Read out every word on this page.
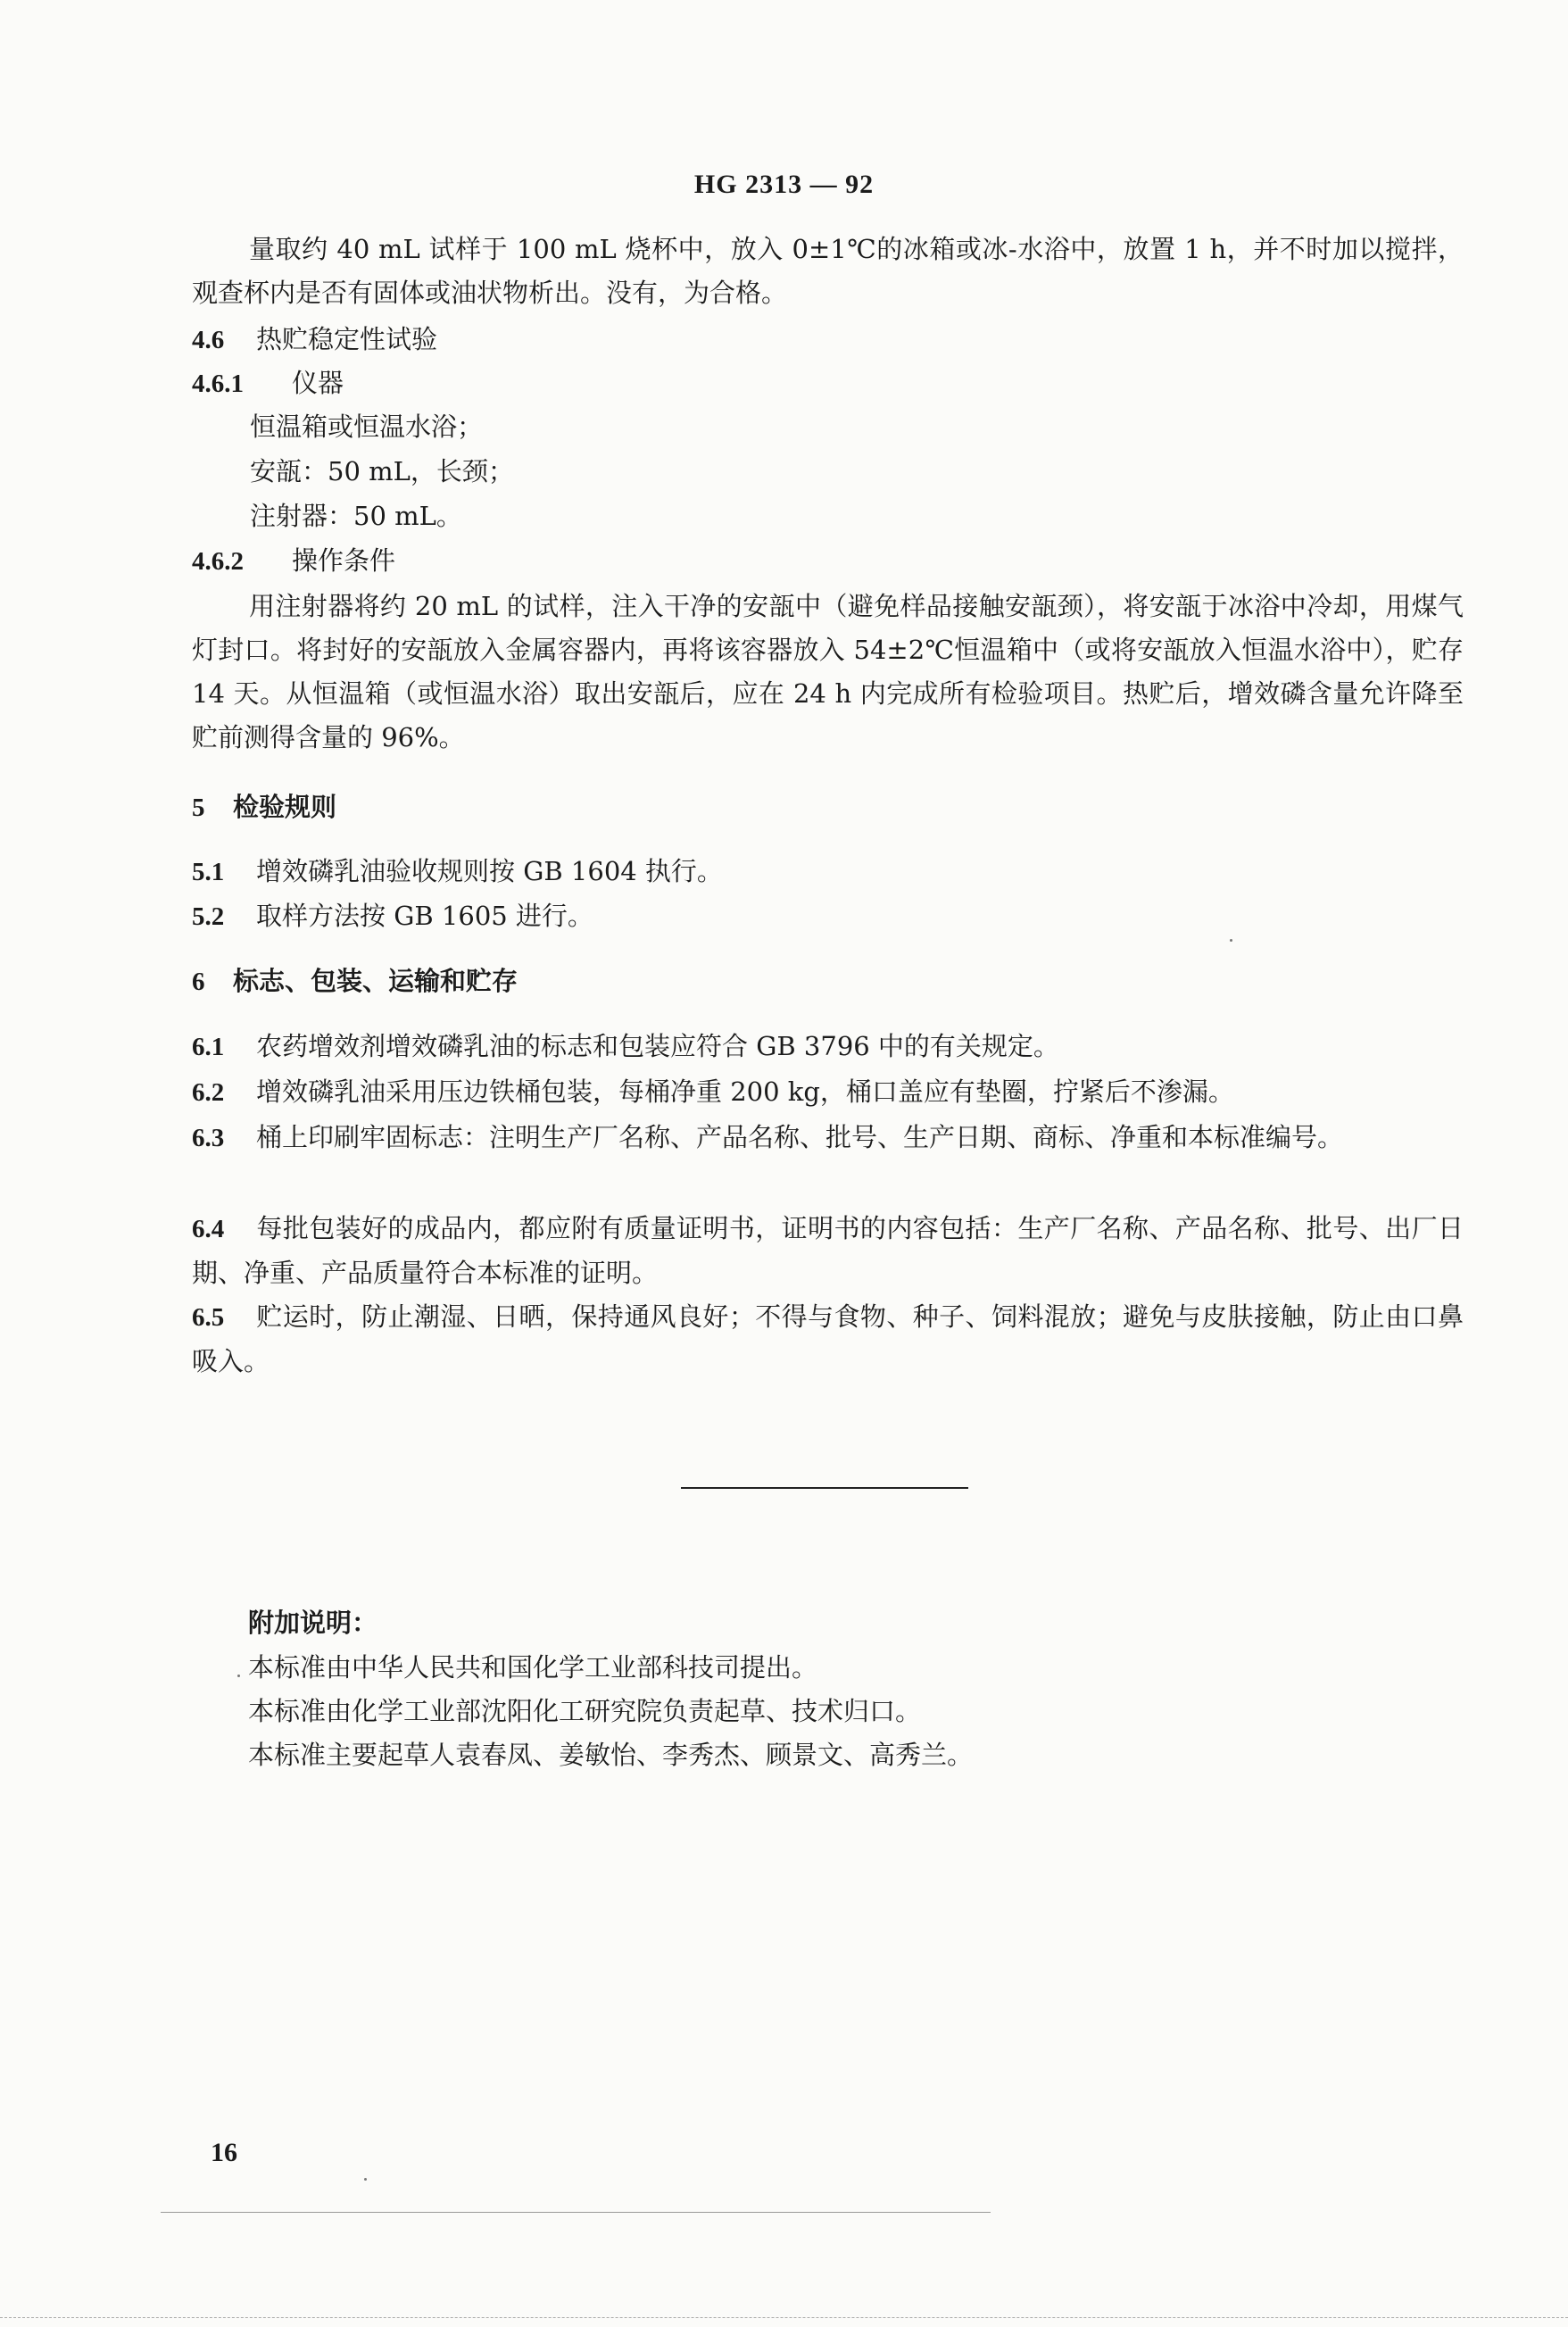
HG 2313 — 92
量取约 40 mL 试样于 100 mL 烧杯中，放入 0±1℃的冰箱或冰-水浴中，放置 1 h，并不时加以搅拌，观查杯内是否有固体或油状物析出。没有，为合格。
4.6 热贮稳定性试验
4.6.1 仪器
恒温箱或恒温水浴；
安瓿：50 mL，长颈；
注射器：50 mL。
4.6.2 操作条件
用注射器将约 20 mL 的试样，注入干净的安瓿中（避免样品接触安瓿颈），将安瓿于冰浴中冷却，用煤气灯封口。将封好的安瓿放入金属容器内，再将该容器放入 54±2℃恒温箱中（或将安瓿放入恒温水浴中），贮存 14 天。从恒温箱（或恒温水浴）取出安瓿后，应在 24 h 内完成所有检验项目。热贮后，增效磷含量允许降至贮前测得含量的 96%。
5 检验规则
5.1 增效磷乳油验收规则按 GB 1604 执行。
5.2 取样方法按 GB 1605 进行。
6 标志、包装、运输和贮存
6.1 农药增效剂增效磷乳油的标志和包装应符合 GB 3796 中的有关规定。
6.2 增效磷乳油采用压边铁桶包装，每桶净重 200 kg，桶口盖应有垫圈，拧紧后不渗漏。
6.3 桶上印刷牢固标志：注明生产厂名称、产品名称、批号、生产日期、商标、净重和本标准编号。
6.4 每批包装好的成品内，都应附有质量证明书，证明书的内容包括：生产厂名称、产品名称、批号、出厂日期、净重、产品质量符合本标准的证明。
6.5 贮运时，防止潮湿、日晒，保持通风良好；不得与食物、种子、饲料混放；避免与皮肤接触，防止由口鼻吸入。
附加说明：
本标准由中华人民共和国化学工业部科技司提出。
本标准由化学工业部沈阳化工研究院负责起草、技术归口。
本标准主要起草人袁春凤、姜敏怡、李秀杰、顾景文、高秀兰。
16
